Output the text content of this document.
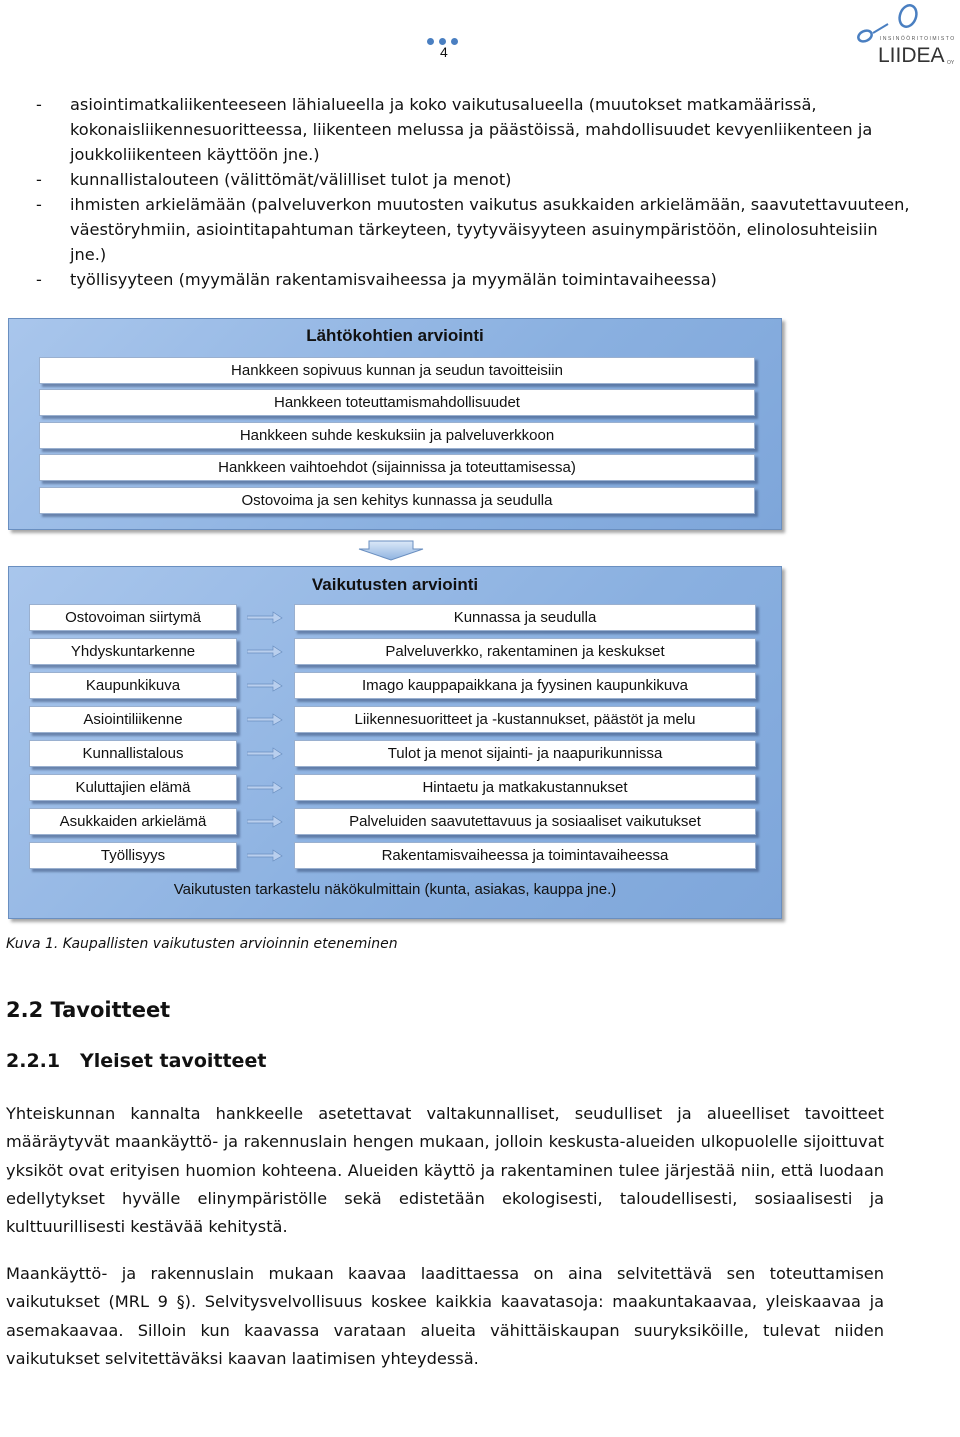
4
INSINÖÖRITOIMISTO
LIIDEA OY
- asiointimatkaliikenteeseen lähialueella ja koko vaikutusalueella (muutokset matkamäärissä, kokonaisliikennesuoritteessa, liikenteen melussa ja päästöissä, mahdollisuudet kevyenliikenteen ja joukkoliikenteen käyttöön jne.)
- kunnallistalouteen (välittömät/välilliset tulot ja menot)
- ihmisten arkielämään (palveluverkon muutosten vaikutus asukkaiden arkielämään, saavutettavuuteen, väestöryhmiin, asiointitapahtuman tärkeyteen, tyytyväisyyteen asuinympäristöön, elinolosuhteisiin jne.)
- työllisyyteen (myymälän rakentamisvaiheessa ja myymälän toimintavaiheessa)
Lähtökohtien arviointi
Hankkeen sopivuus kunnan ja seudun tavoitteisiin
Hankkeen toteuttamismahdollisuudet
Hankkeen suhde keskuksiin ja palveluverkkoon
Hankkeen vaihtoehdot (sijainnissa ja toteuttamisessa)
Ostovoima ja sen kehitys kunnassa ja seudulla
Vaikutusten arviointi
Ostovoiman siirtymä
Yhdyskuntarkenne
Kaupunkikuva
Asiointiliikenne
Kunnallistalous
Kuluttajien elämä
Asukkaiden arkielämä
Työllisyys
Kunnassa ja seudulla
Palveluverkko, rakentaminen ja keskukset
Imago kauppapaikkana ja fyysinen kaupunkikuva
Liikennesuoritteet ja -kustannukset, päästöt ja melu
Tulot ja menot sijainti- ja naapurikunnissa
Hintaetu ja matkakustannukset
Palveluiden saavutettavuus ja sosiaaliset vaikutukset
Rakentamisvaiheessa ja toimintavaiheessa
Vaikutusten tarkastelu näkökulmittain (kunta, asiakas, kauppa jne.)
Kuva 1. Kaupallisten vaikutusten arvioinnin eteneminen
2.2 Tavoitteet
2.2.1 Yleiset tavoitteet

Yhteiskunnan kannalta hankkeelle asetettavat valtakunnalliset, seudulliset ja alueelliset tavoitteet määräytyvät maankäyttö- ja rakennuslain hengen mukaan, jolloin keskusta-alueiden ulkopuolelle sijoittuvat yksiköt ovat erityisen huomion kohteena. Alueiden käyttö ja rakentaminen tulee järjestää niin, että luodaan edellytykset hyvälle elinympäristölle sekä edistetään ekologisesti, taloudellisesti, sosiaalisesti ja kulttuurillisesti kestävää kehitystä.

Maankäyttö- ja rakennuslain mukaan kaavaa laadittaessa on aina selvitettävä sen toteuttamisen vaikutukset (MRL 9 §). Selvitysvelvollisuus koskee kaikkia kaavatasoja: maakuntakaavaa, yleiskaavaa ja asemakaavaa. Silloin kun kaavassa varataan alueita vähittäiskaupan suuryksiköille, tulevat niiden vaikutukset selvitettäväksi kaavan laatimisen yhteydessä.
